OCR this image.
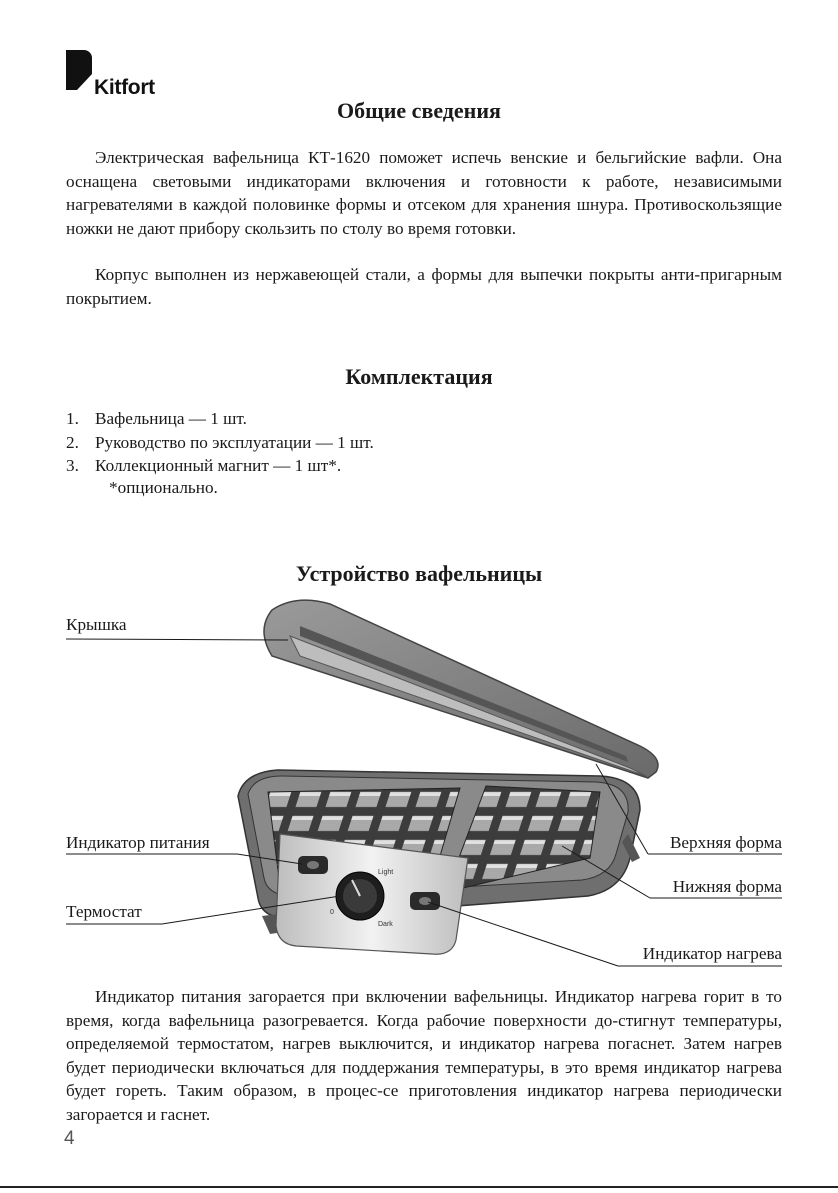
Kitfort
Общие сведения

Электрическая вафельница КТ-1620 поможет испечь венские и бельгийские вафли. Она оснащена световыми индикаторами включения и готовности к работе, независимыми нагревателями в каждой половинке формы и отсеком для хранения шнура. Противоскользящие ножки не дают прибору скользить по столу во время готовки.

Корпус выполнен из нержавеющей стали, а формы для выпечки покрыты анти-пригарным покрытием.

Комплектация
1. Вафельница — 1 шт.
2. Руководство по эксплуатации — 1 шт.
3. Коллекционный магнит — 1 шт*.
*опционально.
Устройство вафельницы
Light
Dark
0
Крышка
Индикатор питания
Термостат
Верхняя форма
Нижняя форма
Индикатор нагрева

Индикатор питания загорается при включении вафельницы. Индикатор нагрева горит в то время, когда вафельница разогревается. Когда рабочие поверхности до-стигнут температуры, определяемой термостатом, нагрев выключится, и индикатор нагрева погаснет. Затем нагрев будет периодически включаться для поддержания температуры, в это время индикатор нагрева будет гореть. Таким образом, в процес-се приготовления индикатор нагрева периодически загорается и гаснет.

4
